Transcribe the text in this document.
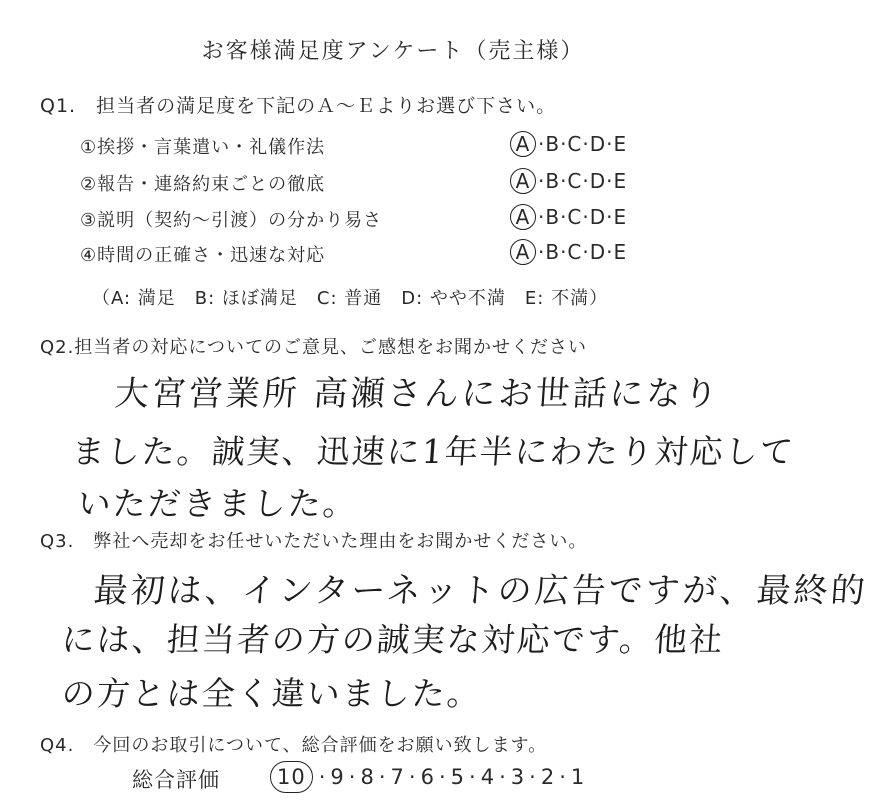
お客様満足度アンケート（売主様）
Q1.　担当者の満足度を下記のＡ～Ｅよりお選び下さい。
①挨拶・言葉遣い・礼儀作法	A ·B·C·D·E
②報告・連絡約束ごとの徹底	A ·B·C·D·E
③説明（契約～引渡）の分かり易さ	A ·B·C·D·E
④時間の正確さ・迅速な対応	A ·B·C·D·E
（A: 満足　B: ほぼ満足　C: 普通　D: やや不満　E: 不満）
Q2.担当者の対応についてのご意見、ご感想をお聞かせください
大宮営業所 高瀬さんにお世話になり
ました。誠実、迅速に1年半にわたり対応して
いただきました。
Q3.　弊社へ売却をお任せいただいた理由をお聞かせください。
最初は、インターネットの広告ですが、最終的
には、担当者の方の誠実な対応です。他社
の方とは全く違いました。
Q4.　今回のお取引について、総合評価をお願い致します。
総合評価	10 · 9 · 8 · 7 · 6 · 5 · 4 · 3 · 2 · 1
